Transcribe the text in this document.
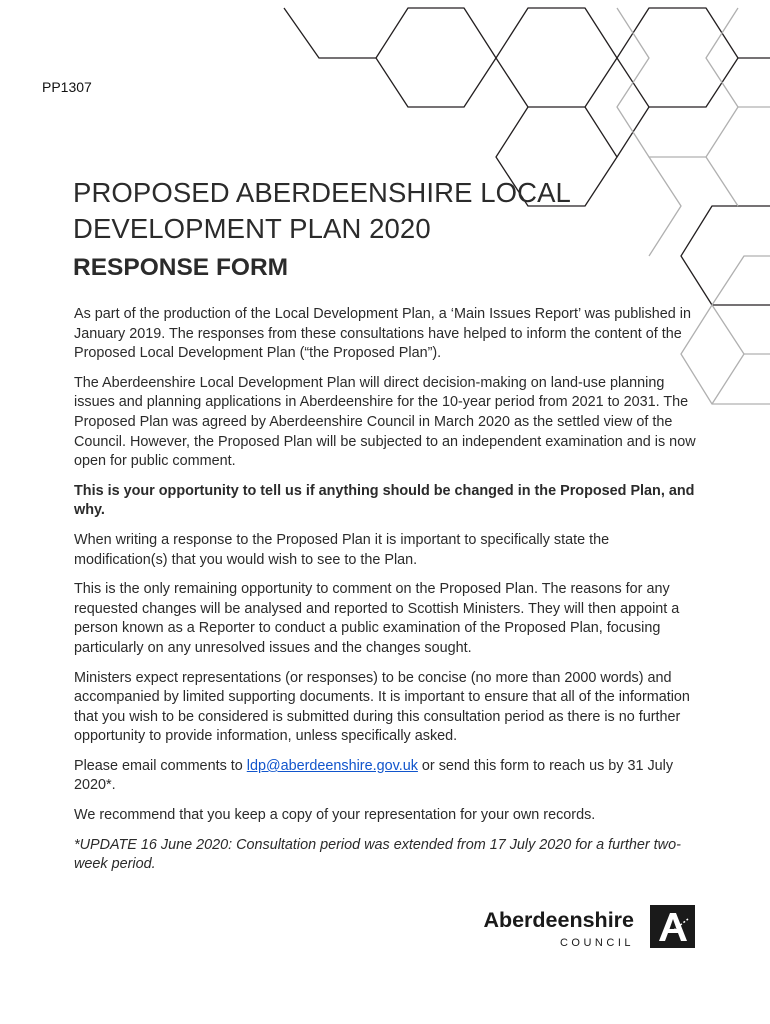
PP1307

PROPOSED ABERDEENSHIRE LOCAL
DEVELOPMENT PLAN 2020
RESPONSE FORM

As part of the production of the Local Development Plan, a ‘Main Issues Report’ was published in January 2019. The responses from these consultations have helped to inform the content of the Proposed Local Development Plan (“the Proposed Plan”).

The Aberdeenshire Local Development Plan will direct decision-making on land-use planning issues and planning applications in Aberdeenshire for the 10-year period from 2021 to 2031. The Proposed Plan was agreed by Aberdeenshire Council in March 2020 as the settled view of the Council. However, the Proposed Plan will be subjected to an independent examination and is now open for public comment.

This is your opportunity to tell us if anything should be changed in the Proposed Plan, and why.

When writing a response to the Proposed Plan it is important to specifically state the modification(s) that you would wish to see to the Plan.

This is the only remaining opportunity to comment on the Proposed Plan. The reasons for any requested changes will be analysed and reported to Scottish Ministers. They will then appoint a person known as a Reporter to conduct a public examination of the Proposed Plan, focusing particularly on any unresolved issues and the changes sought.

Ministers expect representations (or responses) to be concise (no more than 2000 words) and accompanied by limited supporting documents. It is important to ensure that all of the information that you wish to be considered is submitted during this consultation period as there is no further opportunity to provide information, unless specifically asked.

Please email comments to ldp@aberdeenshire.gov.uk or send this form to reach us by 31 July 2020*.

We recommend that you keep a copy of your representation for your own records.

*UPDATE 16 June 2020: Consultation period was extended from 17 July 2020 for a further two-week period.

Aberdeenshire

COUNCIL
